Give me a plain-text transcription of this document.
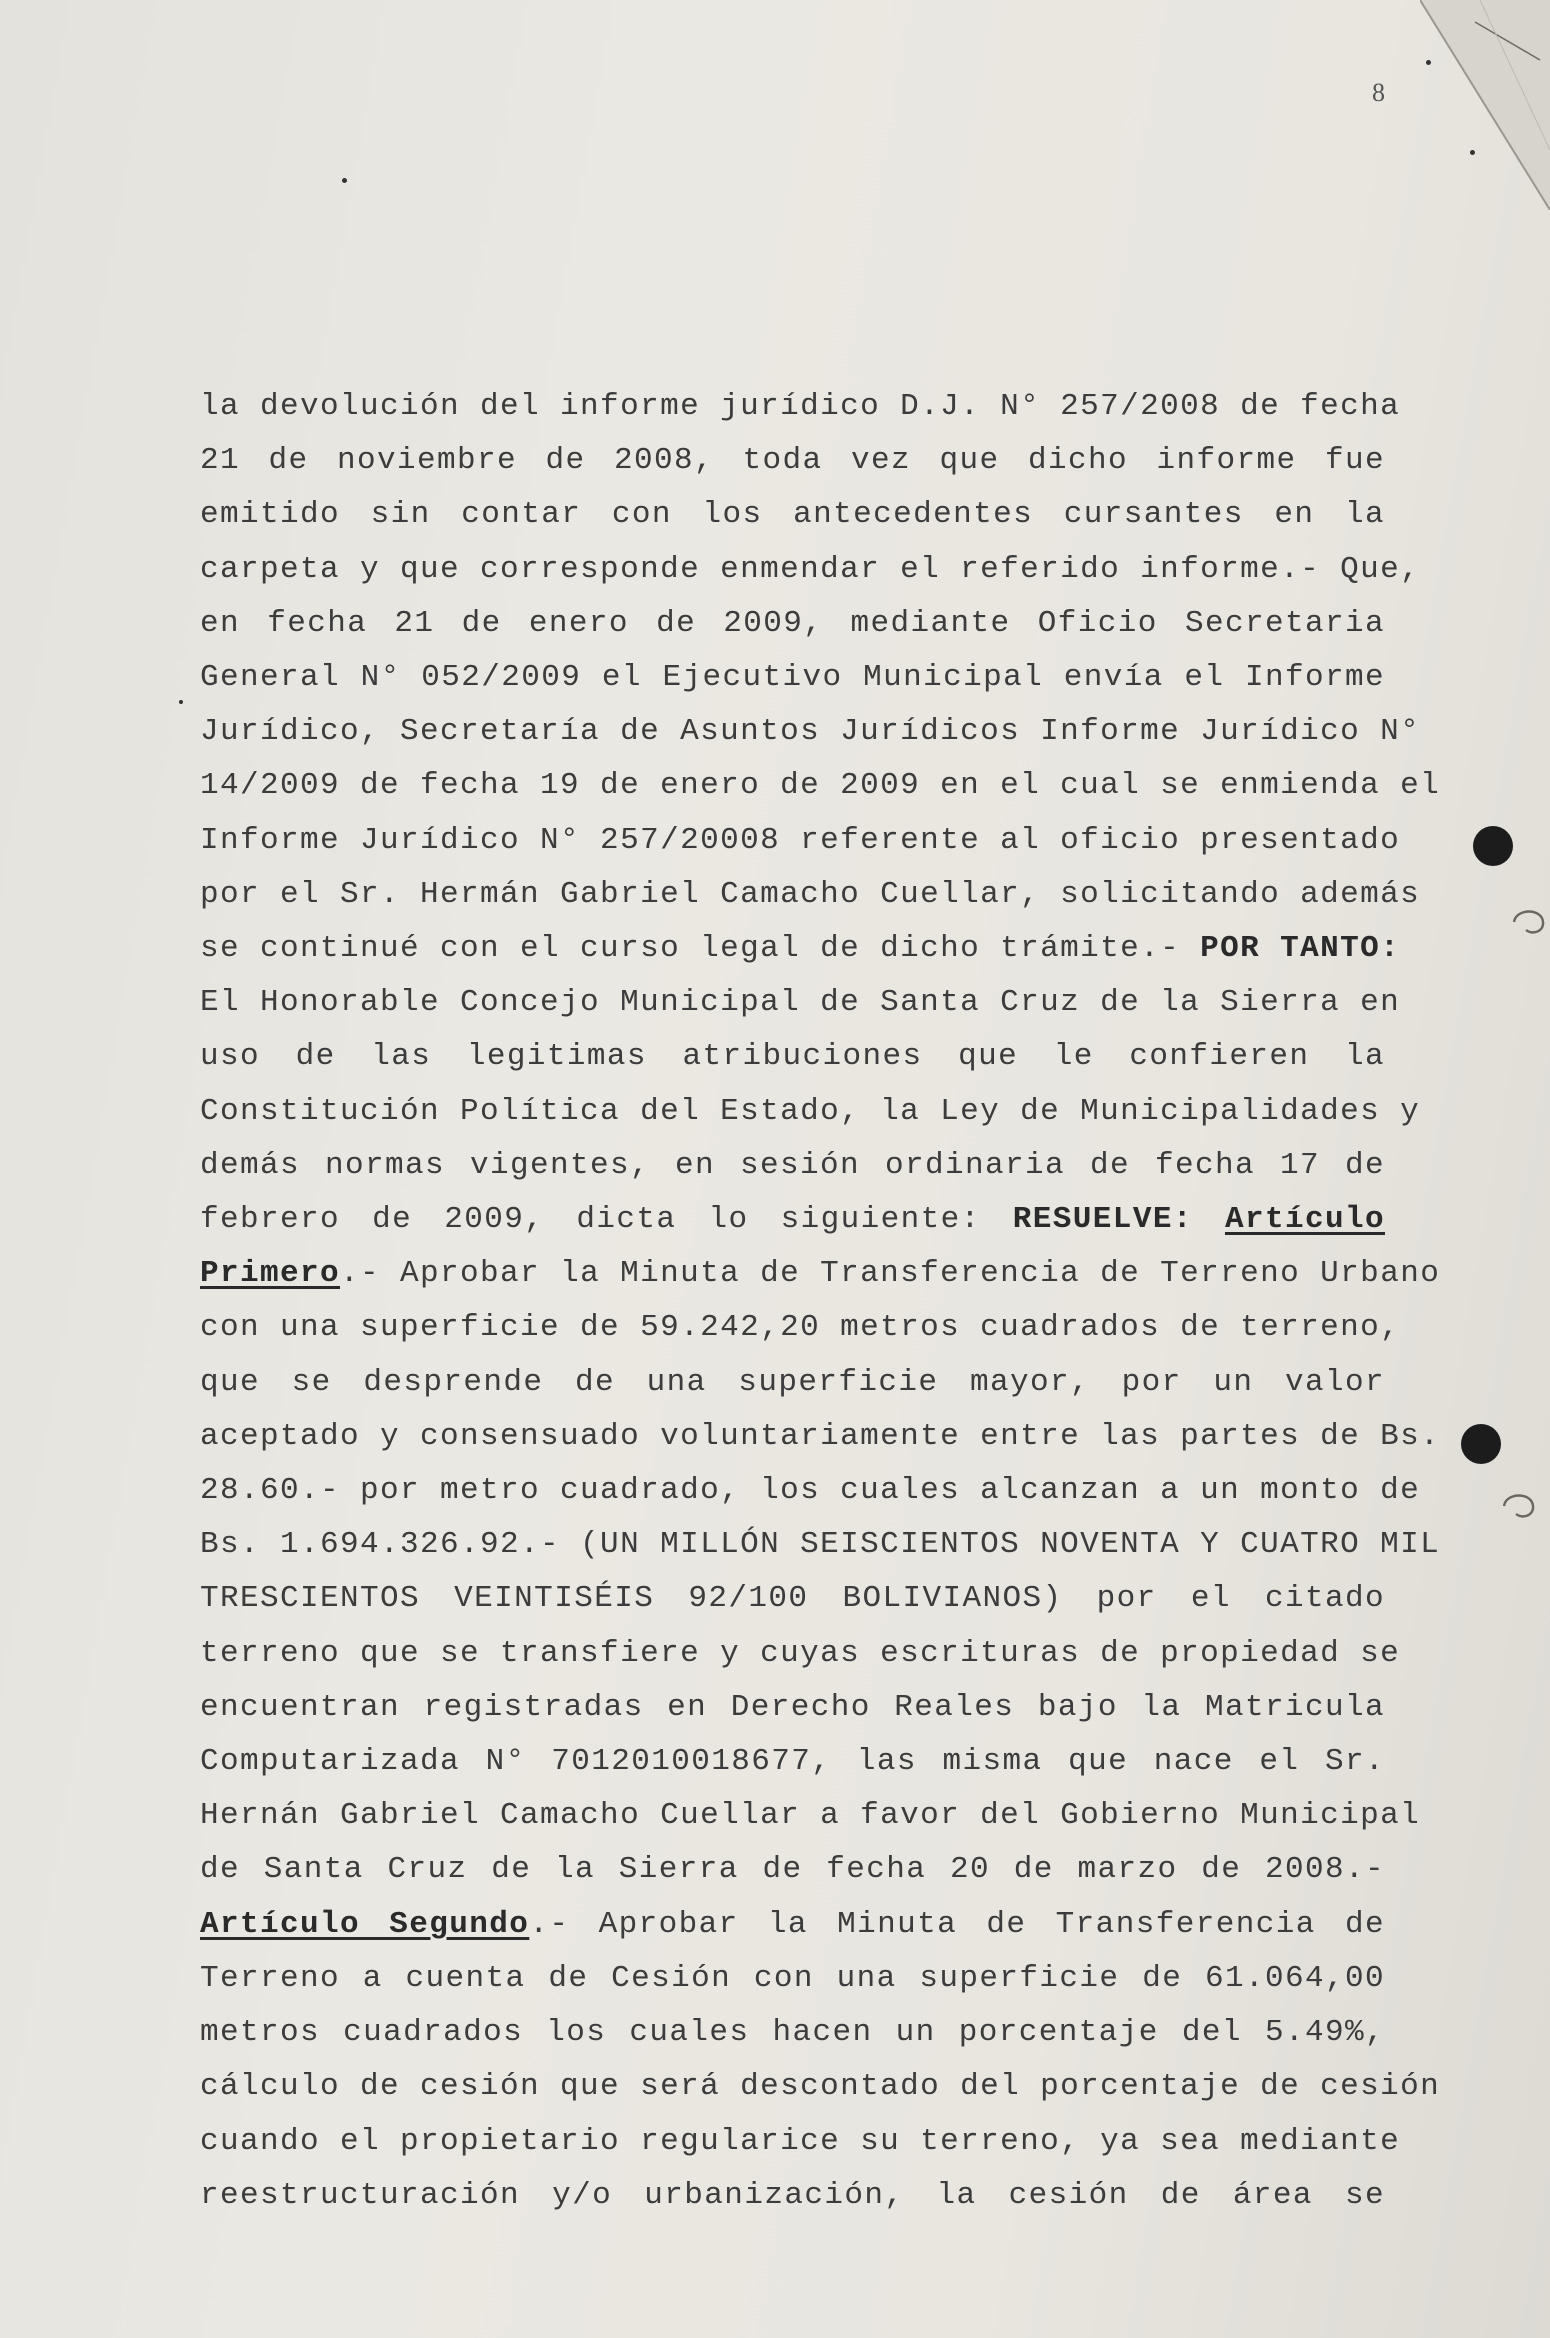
8
la devolución del informe jurídico D.J. N° 257/2008 de fecha
21 de noviembre de 2008, toda vez que dicho informe fue
emitido sin contar con los antecedentes cursantes en la
carpeta y que corresponde enmendar el referido informe.- Que,
en fecha 21 de enero de 2009, mediante Oficio Secretaria
General N° 052/2009 el Ejecutivo Municipal envía el Informe
Jurídico, Secretaría de Asuntos Jurídicos Informe Jurídico N°
14/2009 de fecha 19 de enero de 2009 en el cual se enmienda el
Informe Jurídico N° 257/20008 referente al oficio presentado
por el Sr. Hermán Gabriel Camacho Cuellar, solicitando además
se continué con el curso legal de dicho trámite.- POR TANTO:
El Honorable Concejo Municipal de Santa Cruz de la Sierra en
uso de las legitimas atribuciones que le confieren la
Constitución Política del Estado, la Ley de Municipalidades y
demás normas vigentes, en sesión ordinaria de fecha 17 de
febrero de 2009, dicta lo siguiente: RESUELVE: Artículo
Primero.- Aprobar la Minuta de Transferencia de Terreno Urbano
con una superficie de 59.242,20 metros cuadrados de terreno,
que se desprende de una superficie mayor, por un valor
aceptado y consensuado voluntariamente entre las partes de Bs.
28.60.- por metro cuadrado, los cuales alcanzan a un monto de
Bs. 1.694.326.92.- (UN MILLÓN SEISCIENTOS NOVENTA Y CUATRO MIL
TRESCIENTOS VEINTISÉIS 92/100 BOLIVIANOS) por el citado
terreno que se transfiere y cuyas escrituras de propiedad se
encuentran registradas en Derecho Reales bajo la Matricula
Computarizada N° 7012010018677, las misma que nace el Sr.
Hernán Gabriel Camacho Cuellar a favor del Gobierno Municipal
de Santa Cruz de la Sierra de fecha 20 de marzo de 2008.-
Artículo Segundo.- Aprobar la Minuta de Transferencia de
Terreno a cuenta de Cesión con una superficie de 61.064,00
metros cuadrados los cuales hacen un porcentaje del 5.49%,
cálculo de cesión que será descontado del porcentaje de cesión
cuando el propietario regularice su terreno, ya sea mediante
reestructuración y/o urbanización, la cesión de área se
